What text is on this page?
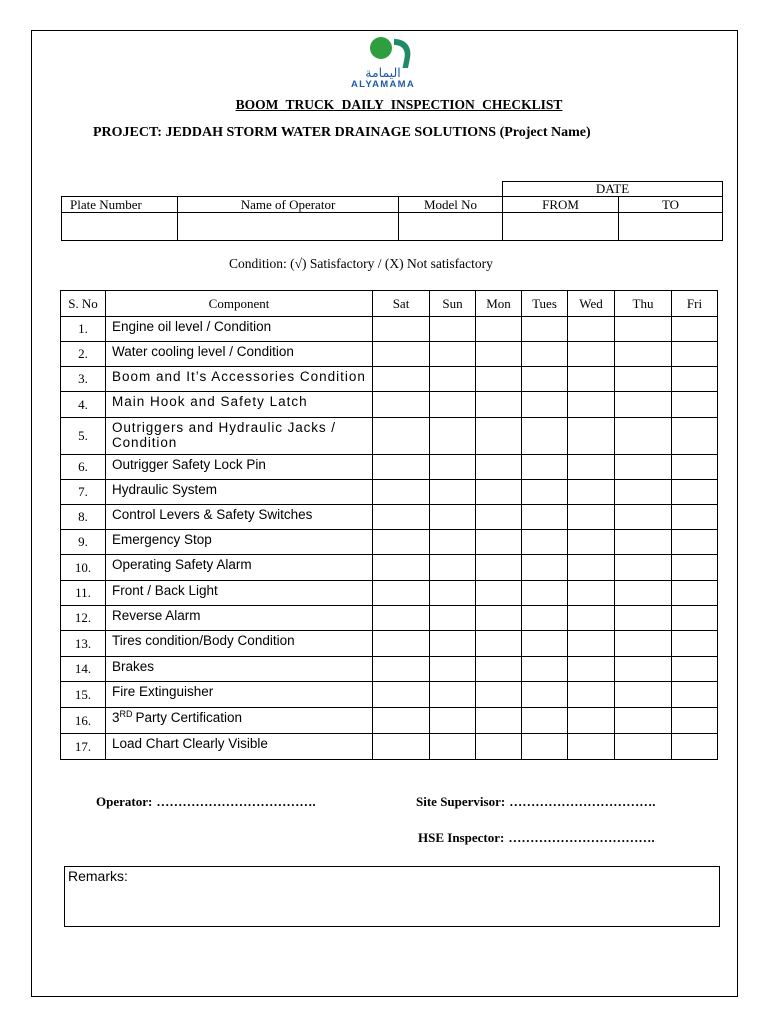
اليمامة
ALYAMAMA
BOOM TRUCK DAILY INSPECTION CHECKLIST
PROJECT: JEDDAH STORM WATER DRAINAGE SOLUTIONS (Project Name)
			DATE	
Plate Number	Name of Operator	Model No	FROM	TO

Condition: (√) Satisfactory / (X) Not satisfactory
S. No	Component	Sat	Sun	Mon	Tues	Wed	Thu	Fri
1.	Engine oil level / Condition							
2.	Water cooling level / Condition							
3.	Boom and It’s Accessories Condition							
4.	Main Hook and Safety Latch							
5.	Outriggers and Hydraulic Jacks / Condition							
6.	Outrigger Safety Lock Pin							
7.	Hydraulic System							
8.	Control Levers & Safety Switches							
9.	Emergency Stop							
10.	Operating Safety Alarm							
11.	Front / Back Light							
12.	Reverse Alarm							
13.	Tires condition/Body Condition							
14.	Brakes							
15.	Fire Extinguisher							
16.	3RD Party Certification							
17.	Load Chart Clearly Visible							
Operator: ……………………………….	Site Supervisor: …………………………….
HSE Inspector: …………………………….
Remarks:
